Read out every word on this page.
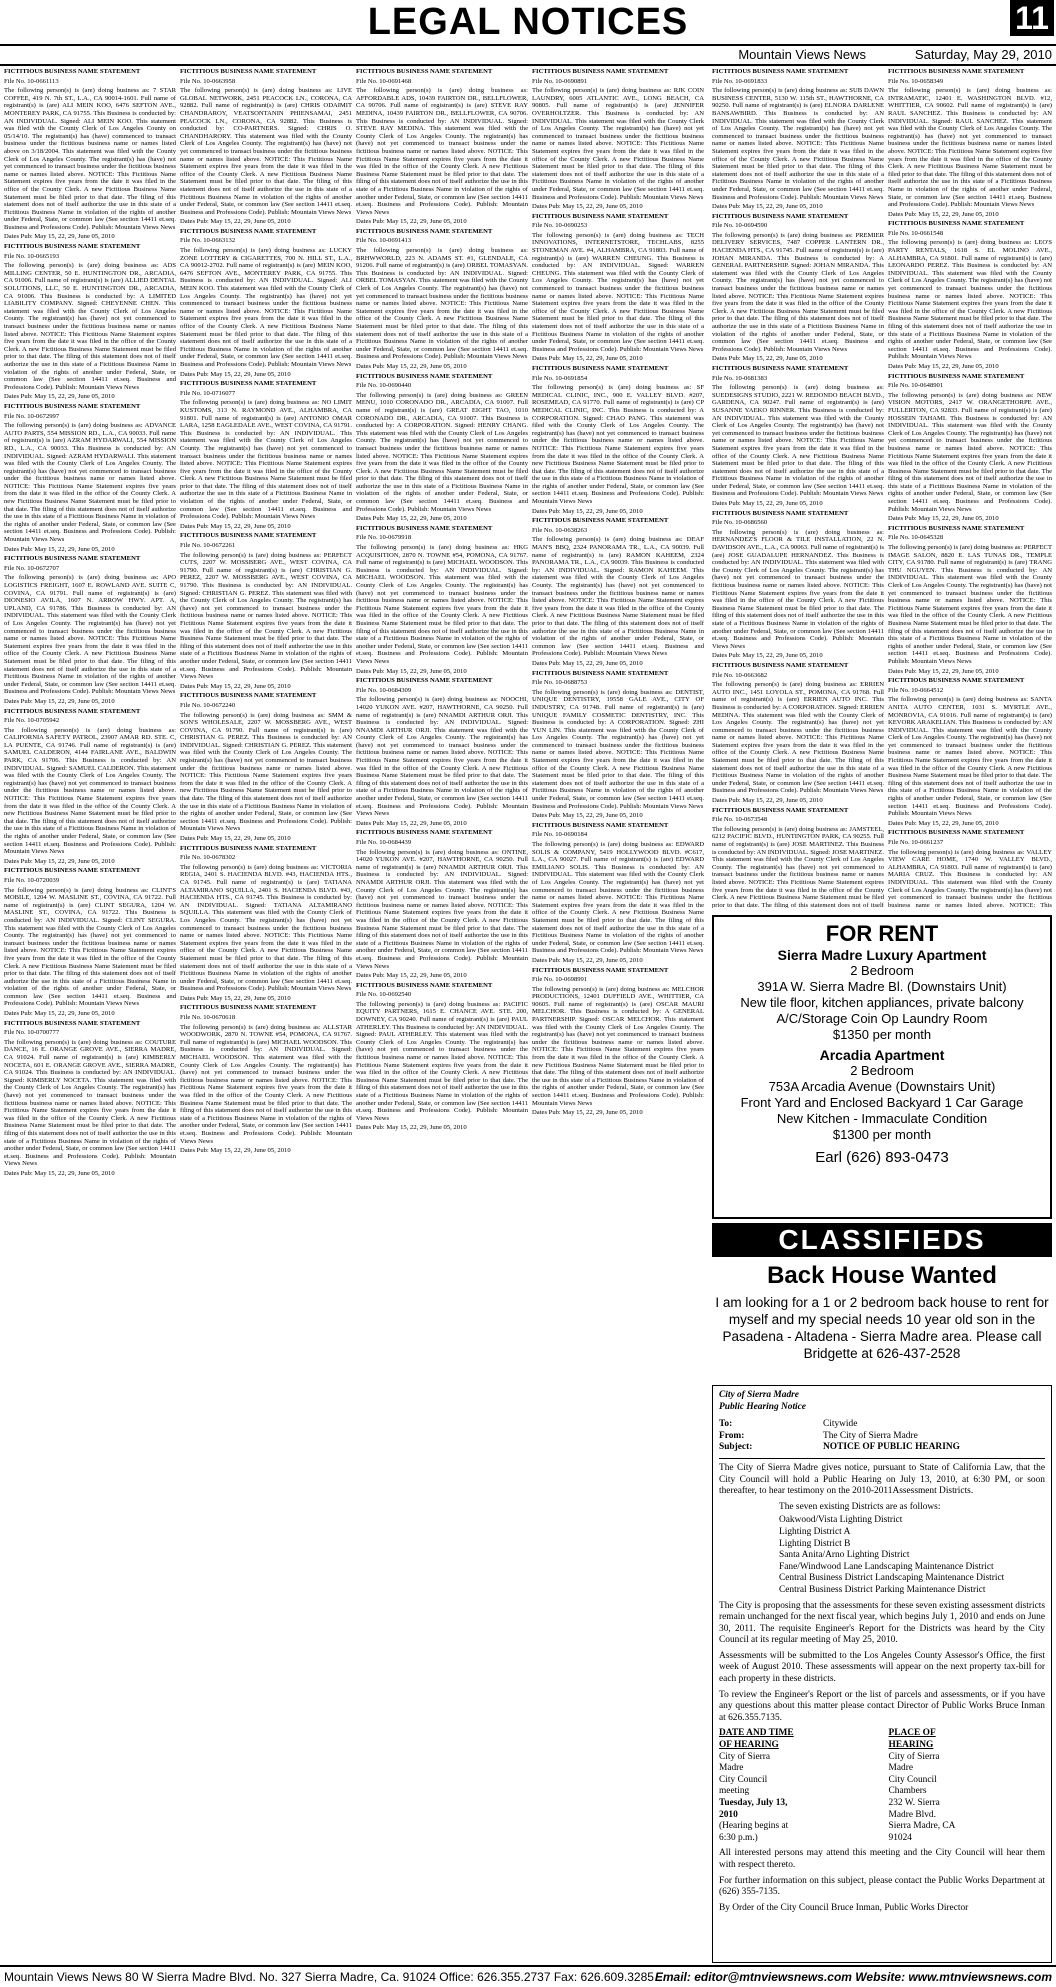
LEGAL NOTICES	11
Mountain Views News	Saturday, May 29, 2010

FICTITIOUS BUSINESS NAME STATEMENT

File No. 10-0661113

The following person(s) is (are) doing business as: 7 STAR COFFEE, 419 N. 7th ST., L.A., CA 90014-1601. Full name of registrant(s) is (are) ALI MEIN KOO, 6476 SEFTON AVE., MONTEREY PARK, CA 91755. This Business is conducted by: AN INDIVIDUAL. Signed: ALI MEIN KOO. This statement was filed with the County Clerk of Los Angeles County on 05/14/10. The registrant(s) has (have) commenced to transact business under the fictitious business name or names listed above on 3/18/2004. This statement was filed with the County Clerk of Los Angeles County. The registrant(s) has (have) not yet commenced to transact business under the fictitious business name or names listed above. NOTICE: This Fictitious Name Statement expires five years from the date it was filed in the office of the County Clerk. A new Fictitious Business Name Statement must be filed prior to that date. The filing of this statement does not of itself authorize the use in this state of a Fictitious Business Name in violation of the rights of another under Federal, State, or common law (See section 14411 et.seq. Business and Professions Code). Publish: Mountain Views News

Dates Pub: May 15, 22, 29, June 05, 2010

FICTITIOUS BUSINESS NAME STATEMENT

File No. 10-0665193

The following person(s) is (are) doing business as: ADS MILLING CENTER, 50 E. HUNTINGTON DR., ARCADIA, CA 91006. Full name of registrant(s) is (are) ALLIED DENTAL SOLUTIONS, LLC, 50 E. HUNTINGTON DR., ARCADIA, CA 91006. This Business is conducted by: A LIMITED LIABILITY COMPANY. Signed: CHEYENNE CHEN. This statement was filed with the County Clerk of Los Angeles County. The registrant(s) has (have) not yet commenced to transact business under the fictitious business name or names listed above. NOTICE: This Fictitious Name Statement expires five years from the date it was filed in the office of the County Clerk. A new Fictitious Business Name Statement must be filed prior to that date. The filing of this statement does not of itself authorize the use in this state of a Fictitious Business Name in violation of the rights of another under Federal, State, or common law (See section 14411 et.seq. Business and Professions Code). Publish: Mountain Views News

Dates Pub: May 15, 22, 29, June 05, 2010

FICTITIOUS BUSINESS NAME STATEMENT

File No. 10-0672997

The following person(s) is (are) doing business as: ADVANCE AUTO PARTS, 554 MISSION RD., L.A., CA 90033. Full name of registrant(s) is (are) AZRAM HYDARWALI, 554 MISSION RD., L.A., CA 90033. This Business is conducted by: AN INDIVIDUAL. Signed: AZRAM HYDARWALI. This statement was filed with the County Clerk of Los Angeles County. The registrant(s) has (have) not yet commenced to transact business under the fictitious business name or names listed above. NOTICE: This Fictitious Name Statement expires five years from the date it was filed in the office of the County Clerk. A new Fictitious Business Name Statement must be filed prior to that date. The filing of this statement does not of itself authorize the use in this state of a Fictitious Business Name in violation of the rights of another under Federal, State, or common law (See section 14411 et.seq. Business and Professions Code). Publish: Mountain Views News

Dates Pub: May 15, 22, 29, June 05, 2010

FICTITIOUS BUSINESS NAME STATEMENT

File No. 10-0672707

The following person(s) is (are) doing business as: APO LOGISTICS FREIGHT, 1607 E. ROWLAND AVE. SUITE C, COVINA, CA 91791. Full name of registrant(s) is (are) DIONESIO AVILA, 1607 N. ARROW HWY. APT. A, UPLAND, CA 91786. This Business is conducted by: AN INDIVIDUAL. This statement was filed with the County Clerk of Los Angeles County. The registrant(s) has (have) not yet commenced to transact business under the fictitious business name or names listed above. NOTICE: This Fictitious Name Statement expires five years from the date it was filed in the office of the County Clerk. A new Fictitious Business Name Statement must be filed prior to that date. The filing of this statement does not of itself authorize the use in this state of a Fictitious Business Name in violation of the rights of another under Federal, State, or common law (See section 14411 et.seq. Business and Professions Code). Publish: Mountain Views News

Dates Pub: May 15, 22, 29, June 05, 2010

FICTITIOUS BUSINESS NAME STATEMENT

File No. 10-0705942

The following person(s) is (are) doing business as: CALIFORNIA SAFETY PATROL, 23907 AMAR RD. STE. C, LA PUENTE, CA 91746. Full name of registrant(s) is (are) SAMUEL CALDERON, 4144 FAIRLANE AVE., BALDWIN PARK, CA 91706. This Business is conducted by: AN INDIVIDUAL. Signed: SAMUEL CALDERON. This statement was filed with the County Clerk of Los Angeles County. The registrant(s) has (have) not yet commenced to transact business under the fictitious business name or names listed above. NOTICE: This Fictitious Name Statement expires five years from the date it was filed in the office of the County Clerk. A new Fictitious Business Name Statement must be filed prior to that date. The filing of this statement does not of itself authorize the use in this state of a Fictitious Business Name in violation of the rights of another under Federal, State, or common law (See section 14411 et.seq. Business and Professions Code). Publish: Mountain Views News

Dates Pub: May 15, 22, 29, June 05, 2010

FICTITIOUS BUSINESS NAME STATEMENT

File No. 10-0720039

The following person(s) is (are) doing business as: CLINT'S MOBILE, 1204 W. MASLINE ST., COVINA, CA 91722. Full name of registrant(s) is (are) CLINT SEGURA, 1204 W. MASLINE ST., COVINA, CA 91722. This Business is conducted by: AN INDIVIDUAL. Signed: CLINT SEGURA. This statement was filed with the County Clerk of Los Angeles County. The registrant(s) has (have) not yet commenced to transact business under the fictitious business name or names listed above. NOTICE: This Fictitious Name Statement expires five years from the date it was filed in the office of the County Clerk. A new Fictitious Business Name Statement must be filed prior to that date. The filing of this statement does not of itself authorize the use in this state of a Fictitious Business Name in violation of the rights of another under Federal, State, or common law (See section 14411 et.seq. Business and Professions Code). Publish: Mountain Views News

Dates Pub: May 15, 22, 29, June 05, 2010

FICTITIOUS BUSINESS NAME STATEMENT

File No. 10-0700777

The following person(s) is (are) doing business as: COUTURE DANCE, 16 E. ORANGE GROVE AVE., SIERRA MADRE, CA 91024. Full name of registrant(s) is (are) KIMBERLY NOCETA, 601 E. ORANGE GROVE AVE., SIERRA MADRE, CA 91024. This Business is conducted by: AN INDIVIDUAL. Signed: KIMBERLY NOCETA. This statement was filed with the County Clerk of Los Angeles County. The registrant(s) has (have) not yet commenced to transact business under the fictitious business name or names listed above. NOTICE: This Fictitious Name Statement expires five years from the date it was filed in the office of the County Clerk. A new Fictitious Business Name Statement must be filed prior to that date. The filing of this statement does not of itself authorize the use in this state of a Fictitious Business Name in violation of the rights of another under Federal, State, or common law (See section 14411 et.seq. Business and Professions Code). Publish: Mountain Views News

Dates Pub: May 15, 22, 29, June 05, 2010

FICTITIOUS BUSINESS NAME STATEMENT

File No. 10-0663958

The following person(s) is (are) doing business as: LIVE GLOBAL NETWORK, 2451 PEACOCK LN., CORONA, CA 92882. Full name of registrant(s) is (are) CHRIS ODAIMIT CHANDRAROY, VEATSONTANIN PHIENSAMAI, 2451 PEACOCK LN., CORONA, CA 92882. This Business is conducted by: CO-PARTNERS. Signed: CHRIS O. CHANDHARORY. This statement was filed with the County Clerk of Los Angeles County. The registrant(s) has (have) not yet commenced to transact business under the fictitious business name or names listed above. NOTICE: This Fictitious Name Statement expires five years from the date it was filed in the office of the County Clerk. A new Fictitious Business Name Statement must be filed prior to that date. The filing of this statement does not of itself authorize the use in this state of a Fictitious Business Name in violation of the rights of another under Federal, State, or common law (See section 14411 et.seq. Business and Professions Code). Publish: Mountain Views News

Dates Pub: May 15, 22, 29, June 05, 2010

FICTITIOUS BUSINESS NAME STATEMENT

File No. 10-0663132

The following person(s) is (are) doing business as: LUCKY ZONE LOTTERY & CIGARETTES, 700 N. HILL ST., L.A., CA 90012-2702. Full name of registrant(s) is (are) MEIN KOO, 6476 SEFTON AVE., MONTEREY PARK, CA 91755. This Business is conducted by: AN INDIVIDUAL. Signed: ALI MEIN KOO. This statement was filed with the County Clerk of Los Angeles County. The registrant(s) has (have) not yet commenced to transact business under the fictitious business name or names listed above. NOTICE: This Fictitious Name Statement expires five years from the date it was filed in the office of the County Clerk. A new Fictitious Business Name Statement must be filed prior to that date. The filing of this statement does not of itself authorize the use in this state of a Fictitious Business Name in violation of the rights of another under Federal, State, or common law (See section 14411 et.seq. Business and Professions Code). Publish: Mountain Views News

Dates Pub: May 15, 22, 29, June 05, 2010

FICTITIOUS BUSINESS NAME STATEMENT

File No. 10-0716077

The following person(s) is (are) doing business as: NO LIMIT KUSTOMS, 313 N. RAYMOND AVE., ALHAMBRA, CA 91801. Full name of registrant(s) is (are) ANTONIO OMAR LARA, 1258 EAGLEDALE AVE., WEST COVINA, CA 91791. This Business is conducted by: AN INDIVIDUAL. This statement was filed with the County Clerk of Los Angeles County. The registrant(s) has (have) not yet commenced to transact business under the fictitious business name or names listed above. NOTICE: This Fictitious Name Statement expires five years from the date it was filed in the office of the County Clerk. A new Fictitious Business Name Statement must be filed prior to that date. The filing of this statement does not of itself authorize the use in this state of a Fictitious Business Name in violation of the rights of another under Federal, State, or common law (See section 14411 et.seq. Business and Professions Code). Publish: Mountain Views News

Dates Pub: May 15, 22, 29, June 05, 2010

FICTITIOUS BUSINESS NAME STATEMENT

File No. 10-0672261

The following person(s) is (are) doing business as: PERFECT CUTS, 2207 W. MOSSBERG AVE., WEST COVINA, CA 91790. Full name of registrant(s) is (are) CHRISTIAN G. PEREZ, 2207 W. MOSSBERG AVE., WEST COVINA, CA 91790. This Business is conducted by: AN INDIVIDUAL. Signed: CHRISTIAN G. PEREZ. This statement was filed with the County Clerk of Los Angeles County. The registrant(s) has (have) not yet commenced to transact business under the fictitious business name or names listed above. NOTICE: This Fictitious Name Statement expires five years from the date it was filed in the office of the County Clerk. A new Fictitious Business Name Statement must be filed prior to that date. The filing of this statement does not of itself authorize the use in this state of a Fictitious Business Name in violation of the rights of another under Federal, State, or common law (See section 14411 et.seq. Business and Professions Code). Publish: Mountain Views News

Dates Pub: May 15, 22, 29, June 05, 2010

FICTITIOUS BUSINESS NAME STATEMENT

File No. 10-0672240

The following person(s) is (are) doing business as: SMM & SON'S WHOLESALE, 2207 W. MOSSBERG AVE., WEST COVINA, CA 91790. Full name of registrant(s) is (are) CHRISTIAN G. PEREZ. This Business is conducted by: AN INDIVIDUAL. Signed: CHRISTIAN G. PEREZ. This statement was filed with the County Clerk of Los Angeles County. The registrant(s) has (have) not yet commenced to transact business under the fictitious business name or names listed above. NOTICE: This Fictitious Name Statement expires five years from the date it was filed in the office of the County Clerk. A new Fictitious Business Name Statement must be filed prior to that date. The filing of this statement does not of itself authorize the use in this state of a Fictitious Business Name in violation of the rights of another under Federal, State, or common law (See section 14411 et.seq. Business and Professions Code). Publish: Mountain Views News

Dates Pub: May 15, 22, 29, June 05, 2010

FICTITIOUS BUSINESS NAME STATEMENT

File No. 10-0678302

The following person(s) is (are) doing business as: VICTORIA REGIA, 2401 S. HACIENDA BLVD. #43, HACIENDA HTS., CA 91745. Full name of registrant(s) is (are) TATIANA ALTAMIRANO SQUILLA, 2401 S. HACIENDA BLVD. #43, HACIENDA HTS., CA 91745. This Business is conducted by: AN INDIVIDUAL. Signed: TATIANA ALTAMIRANO SQUILLA. This statement was filed with the County Clerk of Los Angeles County. The registrant(s) has (have) not yet commenced to transact business under the fictitious business name or names listed above. NOTICE: This Fictitious Name Statement expires five years from the date it was filed in the office of the County Clerk. A new Fictitious Business Name Statement must be filed prior to that date. The filing of this statement does not of itself authorize the use in this state of a Fictitious Business Name in violation of the rights of another under Federal, State, or common law (See section 14411 et.seq. Business and Professions Code). Publish: Mountain Views News

Dates Pub: May 15, 22, 29, June 05, 2010

FICTITIOUS BUSINESS NAME STATEMENT

File No. 10-0670618

The following person(s) is (are) doing business as: ALLSTAR WOODWORK, 2870 N. TOWNE #54, POMONA, CA 91767. Full name of registrant(s) is (are) MICHAEL WOODSON. This Business is conducted by: AN INDIVIDUAL. Signed: MICHAEL WOODSON. This statement was filed with the County Clerk of Los Angeles County. The registrant(s) has (have) not yet commenced to transact business under the fictitious business name or names listed above. NOTICE: This Fictitious Name Statement expires five years from the date it was filed in the office of the County Clerk. A new Fictitious Business Name Statement must be filed prior to that date. The filing of this statement does not of itself authorize the use in this state of a Fictitious Business Name in violation of the rights of another under Federal, State, or common law (See section 14411 et.seq. Business and Professions Code). Publish: Mountain Views News

Dates Pub: May 15, 22, 29, June 05, 2010

FICTITIOUS BUSINESS NAME STATEMENT

File No. 10-0691468

The following person(s) is (are) doing business as: AFFORDABLE ADS, 10439 FAIRTON DR., BELLFLOWER, CA 90706. Full name of registrant(s) is (are) STEVE RAY MEDINA, 10439 FAIRTON DR., BELLFLOWER, CA 90706. This Business is conducted by: AN INDIVIDUAL. Signed: STEVE RAY MEDINA. This statement was filed with the County Clerk of Los Angeles County. The registrant(s) has (have) not yet commenced to transact business under the fictitious business name or names listed above. NOTICE: This Fictitious Name Statement expires five years from the date it was filed in the office of the County Clerk. A new Fictitious Business Name Statement must be filed prior to that date. The filing of this statement does not of itself authorize the use in this state of a Fictitious Business Name in violation of the rights of another under Federal, State, or common law (See section 14411 et.seq. Business and Professions Code). Publish: Mountain Views News

Dates Pub: May 15, 22, 29, June 05, 2010

FICTITIOUS BUSINESS NAME STATEMENT

File No. 10-0691413

The following person(s) is (are) doing business as: BRHWWORLD, 223 N. ADAMS ST. #1, GLENDALE, CA 91206. Full name of registrant(s) is (are) ORBEL TOMASYAN. This Business is conducted by: AN INDIVIDUAL. Signed: ORBEL TOMASYAN. This statement was filed with the County Clerk of Los Angeles County. The registrant(s) has (have) not yet commenced to transact business under the fictitious business name or names listed above. NOTICE: This Fictitious Name Statement expires five years from the date it was filed in the office of the County Clerk. A new Fictitious Business Name Statement must be filed prior to that date. The filing of this statement does not of itself authorize the use in this state of a Fictitious Business Name in violation of the rights of another under Federal, State, or common law (See section 14411 et.seq. Business and Professions Code). Publish: Mountain Views News

Dates Pub: May 15, 22, 29, June 05, 2010

FICTITIOUS BUSINESS NAME STATEMENT

File No. 10-0690440

The following person(s) is (are) doing business as: GREEN MENU, 1010 CORONADO DR., ARCADIA, CA 91007. Full name of registrant(s) is (are) GREAT EIGHT TAO, 1010 CORONADO DR., ARCADIA, CA 91007. This Business is conducted by: A CORPORATION. Signed: HENRY CHANG. This statement was filed with the County Clerk of Los Angeles County. The registrant(s) has (have) not yet commenced to transact business under the fictitious business name or names listed above. NOTICE: This Fictitious Name Statement expires five years from the date it was filed in the office of the County Clerk. A new Fictitious Business Name Statement must be filed prior to that date. The filing of this statement does not of itself authorize the use in this state of a Fictitious Business Name in violation of the rights of another under Federal, State, or common law (See section 14411 et.seq. Business and Professions Code). Publish: Mountain Views News

Dates Pub: May 15, 22, 29, June 05, 2010

FICTITIOUS BUSINESS NAME STATEMENT

File No. 10-0679918

The following person(s) is (are) doing business as: HKG ACQUISITION, 2870 N. TOWNE #54, POMONA, CA 91767. Full name of registrant(s) is (are) MICHAEL WOODSON. This Business is conducted by: AN INDIVIDUAL. Signed: MICHAEL WOODSON. This statement was filed with the County Clerk of Los Angeles County. The registrant(s) has (have) not yet commenced to transact business under the fictitious business name or names listed above. NOTICE: This Fictitious Name Statement expires five years from the date it was filed in the office of the County Clerk. A new Fictitious Business Name Statement must be filed prior to that date. The filing of this statement does not of itself authorize the use in this state of a Fictitious Business Name in violation of the rights of another under Federal, State, or common law (See section 14411 et.seq. Business and Professions Code). Publish: Mountain Views News

Dates Pub: May 15, 22, 29, June 05, 2010

FICTITIOUS BUSINESS NAME STATEMENT

File No. 10-0684309

The following person(s) is (are) doing business as: NOOCHI, 14020 YUKON AVE. #207, HAWTHORNE, CA 90250. Full name of registrant(s) is (are) NNAMDI ARTHUR ORJI. This Business is conducted by: AN INDIVIDUAL. Signed: NNAMDI ARTHUR ORJI. This statement was filed with the County Clerk of Los Angeles County. The registrant(s) has (have) not yet commenced to transact business under the fictitious business name or names listed above. NOTICE: This Fictitious Name Statement expires five years from the date it was filed in the office of the County Clerk. A new Fictitious Business Name Statement must be filed prior to that date. The filing of this statement does not of itself authorize the use in this state of a Fictitious Business Name in violation of the rights of another under Federal, State, or common law (See section 14411 et.seq. Business and Professions Code). Publish: Mountain Views News

Dates Pub: May 15, 22, 29, June 05, 2010

FICTITIOUS BUSINESS NAME STATEMENT

File No. 10-0684439

The following person(s) is (are) doing business as: ONTINE, 14020 YUKON AVE. #207, HAWTHORNE, CA 90250. Full name of registrant(s) is (are) NNAMDI ARTHUR ORJI. This Business is conducted by: AN INDIVIDUAL. Signed: NNAMDI ARTHUR ORJI. This statement was filed with the County Clerk of Los Angeles County. The registrant(s) has (have) not yet commenced to transact business under the fictitious business name or names listed above. NOTICE: This Fictitious Name Statement expires five years from the date it was filed in the office of the County Clerk. A new Fictitious Business Name Statement must be filed prior to that date. The filing of this statement does not of itself authorize the use in this state of a Fictitious Business Name in violation of the rights of another under Federal, State, or common law (See section 14411 et.seq. Business and Professions Code). Publish: Mountain Views News

Dates Pub: May 15, 22, 29, June 05, 2010

FICTITIOUS BUSINESS NAME STATEMENT

File No. 10-0692540

The following person(s) is (are) doing business as: PACIFIC EQUITY PARTNERS, 1615 E. CHANCE AVE. STE. 200, DOWNEY, CA 90240. Full name of registrant(s) is (are) PAUL ATHERLEY. This Business is conducted by: AN INDIVIDUAL. Signed: PAUL ATHERLEY. This statement was filed with the County Clerk of Los Angeles County. The registrant(s) has (have) not yet commenced to transact business under the fictitious business name or names listed above. NOTICE: This Fictitious Name Statement expires five years from the date it was filed in the office of the County Clerk. A new Fictitious Business Name Statement must be filed prior to that date. The filing of this statement does not of itself authorize the use in this state of a Fictitious Business Name in violation of the rights of another under Federal, State, or common law (See section 14411 et.seq. Business and Professions Code). Publish: Mountain Views News

Dates Pub: May 15, 22, 29, June 05, 2010

FICTITIOUS BUSINESS NAME STATEMENT

File No. 10-0690891

The following person(s) is (are) doing business as: RJK COIN LAUNDRY, 6005 ATLANTIC AVE., LONG BEACH, CA 90805. Full name of registrant(s) is (are) JENNIFER OVERHOLTZER. This Business is conducted by: AN INDIVIDUAL. This statement was filed with the County Clerk of Los Angeles County. The registrant(s) has (have) not yet commenced to transact business under the fictitious business name or names listed above. NOTICE: This Fictitious Name Statement expires five years from the date it was filed in the office of the County Clerk. A new Fictitious Business Name Statement must be filed prior to that date. The filing of this statement does not of itself authorize the use in this state of a Fictitious Business Name in violation of the rights of another under Federal, State, or common law (See section 14411 et.seq. Business and Professions Code). Publish: Mountain Views News

Dates Pub: May 15, 22, 29, June 05, 2010

FICTITIOUS BUSINESS NAME STATEMENT

File No. 10-0690253

The following person(s) is (are) doing business as: TECH INNOVATIONS, INTERNETSTORE, TECHLABS, 8255 STONEMAN AVE. #4, ALHAMBRA, CA 91803. Full name of registrant(s) is (are) WARREN CHEUNG. This Business is conducted by: AN INDIVIDUAL. Signed: WARREN CHEUNG. This statement was filed with the County Clerk of Los Angeles County. The registrant(s) has (have) not yet commenced to transact business under the fictitious business name or names listed above. NOTICE: This Fictitious Name Statement expires five years from the date it was filed in the office of the County Clerk. A new Fictitious Business Name Statement must be filed prior to that date. The filing of this statement does not of itself authorize the use in this state of a Fictitious Business Name in violation of the rights of another under Federal, State, or common law (See section 14411 et.seq. Business and Professions Code). Publish: Mountain Views News

Dates Pub: May 15, 22, 29, June 05, 2010

FICTITIOUS BUSINESS NAME STATEMENT

File No. 10-0691854

The following person(s) is (are) doing business as: SF MEDICAL CLINIC, INC., 900 E. VALLEY BLVD. #207, ROSEMEAD, CA 91770. Full name of registrant(s) is (are) CP MEDICAL CLINIC, INC. This Business is conducted by: A CORPORATION. Signed: CHAO PANG. This statement was filed with the County Clerk of Los Angeles County. The registrant(s) has (have) not yet commenced to transact business under the fictitious business name or names listed above. NOTICE: This Fictitious Name Statement expires five years from the date it was filed in the office of the County Clerk. A new Fictitious Business Name Statement must be filed prior to that date. The filing of this statement does not of itself authorize the use in this state of a Fictitious Business Name in violation of the rights of another under Federal, State, or common law (See section 14411 et.seq. Business and Professions Code). Publish: Mountain Views News

Dates Pub: May 15, 22, 29, June 05, 2010

FICTITIOUS BUSINESS NAME STATEMENT

File No. 10-0638263

The following person(s) is (are) doing business as: DEAF MAN'S BBQ, 2324 PANORAMA TR., L.A., CA 90039. Full name of registrant(s) is (are) RAMON KAHEEM, 2324 PANORAMA TR., L.A., CA 90039. This Business is conducted by: AN INDIVIDUAL. Signed: RAMON KAHEEM. This statement was filed with the County Clerk of Los Angeles County. The registrant(s) has (have) not yet commenced to transact business under the fictitious business name or names listed above. NOTICE: This Fictitious Name Statement expires five years from the date it was filed in the office of the County Clerk. A new Fictitious Business Name Statement must be filed prior to that date. The filing of this statement does not of itself authorize the use in this state of a Fictitious Business Name in violation of the rights of another under Federal, State, or common law (See section 14411 et.seq. Business and Professions Code). Publish: Mountain Views News

Dates Pub: May 15, 22, 29, June 05, 2010

FICTITIOUS BUSINESS NAME STATEMENT

File No. 10-0688753

The following person(s) is (are) doing business as: DENTIST, UNIQUE DENTISTRY, 19558 GALE AVE., CITY OF INDUSTRY, CA 91748. Full name of registrant(s) is (are) UNIQUE FAMILY COSMETIC DENTISTRY, INC. This Business is conducted by: A CORPORATION. Signed: ZHI YUN LIN. This statement was filed with the County Clerk of Los Angeles County. The registrant(s) has (have) not yet commenced to transact business under the fictitious business name or names listed above. NOTICE: This Fictitious Name Statement expires five years from the date it was filed in the office of the County Clerk. A new Fictitious Business Name Statement must be filed prior to that date. The filing of this statement does not of itself authorize the use in this state of a Fictitious Business Name in violation of the rights of another under Federal, State, or common law (See section 14411 et.seq. Business and Professions Code). Publish: Mountain Views News

Dates Pub: May 15, 22, 29, June 05, 2010

FICTITIOUS BUSINESS NAME STATEMENT

File No. 10-0690184

The following person(s) is (are) doing business as: EDWARD SOLIS & COMPANY, 5419 HOLLYWOOD BLVD. #C617, L.A., CA 90027. Full name of registrant(s) is (are) EDWARD EMILIANO SOLIS. This Business is conducted by: AN INDIVIDUAL. This statement was filed with the County Clerk of Los Angeles County. The registrant(s) has (have) not yet commenced to transact business under the fictitious business name or names listed above. NOTICE: This Fictitious Name Statement expires five years from the date it was filed in the office of the County Clerk. A new Fictitious Business Name Statement must be filed prior to that date. The filing of this statement does not of itself authorize the use in this state of a Fictitious Business Name in violation of the rights of another under Federal, State, or common law (See section 14411 et.seq. Business and Professions Code). Publish: Mountain Views News

Dates Pub: May 15, 22, 29, June 05, 2010

FICTITIOUS BUSINESS NAME STATEMENT

File No. 10-0698991

The following person(s) is (are) doing business as: MELCHOR PRODUCTIONS, 12401 DUFFIELD AVE., WHITTIER, CA 90605. Full name of registrant(s) is (are) OSCAR MAURI MELCHOR. This Business is conducted by: A GENERAL PARTNERSHIP. Signed: OSCAR MELCHOR. This statement was filed with the County Clerk of Los Angeles County. The registrant(s) has (have) not yet commenced to transact business under the fictitious business name or names listed above. NOTICE: This Fictitious Name Statement expires five years from the date it was filed in the office of the County Clerk. A new Fictitious Business Name Statement must be filed prior to that date. The filing of this statement does not of itself authorize the use in this state of a Fictitious Business Name in violation of the rights of another under Federal, State, or common law (See section 14411 et.seq. Business and Professions Code). Publish: Mountain Views News

Dates Pub: May 15, 22, 29, June 05, 2010

FICTITIOUS BUSINESS NAME STATEMENT

File No. 10-0691833

The following person(s) is (are) doing business as: SUB DAWN BUSINESS CENTER, 5130 W. 115th ST., HAWTHORNE, CA 90250. Full name of registrant(s) is (are) ELNORA DARLENE BANSAWBIRD. This Business is conducted by: AN INDIVIDUAL. This statement was filed with the County Clerk of Los Angeles County. The registrant(s) has (have) not yet commenced to transact business under the fictitious business name or names listed above. NOTICE: This Fictitious Name Statement expires five years from the date it was filed in the office of the County Clerk. A new Fictitious Business Name Statement must be filed prior to that date. The filing of this statement does not of itself authorize the use in this state of a Fictitious Business Name in violation of the rights of another under Federal, State, or common law (See section 14411 et.seq. Business and Professions Code). Publish: Mountain Views News

Dates Pub: May 15, 22, 29, June 05, 2010

FICTITIOUS BUSINESS NAME STATEMENT

File No. 10-0694590

The following person(s) is (are) doing business as: PREMIER DELIVERY SERVICES, 7487 COPPER LANTERN DR., HACIENDA HTS., CA 91745. Full name of registrant(s) is (are) JOHAN MIRANDA. This Business is conducted by: A GENERAL PARTNERSHIP. Signed: JOHAN MIRANDA. This statement was filed with the County Clerk of Los Angeles County. The registrant(s) has (have) not yet commenced to transact business under the fictitious business name or names listed above. NOTICE: This Fictitious Name Statement expires five years from the date it was filed in the office of the County Clerk. A new Fictitious Business Name Statement must be filed prior to that date. The filing of this statement does not of itself authorize the use in this state of a Fictitious Business Name in violation of the rights of another under Federal, State, or common law (See section 14411 et.seq. Business and Professions Code). Publish: Mountain Views News

Dates Pub: May 15, 22, 29, June 05, 2010

FICTITIOUS BUSINESS NAME STATEMENT

File No. 10-0681383

The following person(s) is (are) doing business as: SUEDESIGNS STUDIO, 2221 W. REDONDO BEACH BLVD., GARDENA, CA 90247. Full name of registrant(s) is (are) SUSANNE YAEKO RINNER. This Business is conducted by: AN INDIVIDUAL. This statement was filed with the County Clerk of Los Angeles County. The registrant(s) has (have) not yet commenced to transact business under the fictitious business name or names listed above. NOTICE: This Fictitious Name Statement expires five years from the date it was filed in the office of the County Clerk. A new Fictitious Business Name Statement must be filed prior to that date. The filing of this statement does not of itself authorize the use in this state of a Fictitious Business Name in violation of the rights of another under Federal, State, or common law (See section 14411 et.seq. Business and Professions Code). Publish: Mountain Views News

Dates Pub: May 15, 22, 29, June 05, 2010

FICTITIOUS BUSINESS NAME STATEMENT

File No. 10-0686560

The following person(s) is (are) doing business as: HERNANDEZ'S FLOOR & TILE INSTALLATION, 22 N. DAVIDSON AVE., L.A., CA 90063. Full name of registrant(s) is (are) JOSE GUADALUPE HERNANDEZ. This Business is conducted by: AN INDIVIDUAL. This statement was filed with the County Clerk of Los Angeles County. The registrant(s) has (have) not yet commenced to transact business under the fictitious business name or names listed above. NOTICE: This Fictitious Name Statement expires five years from the date it was filed in the office of the County Clerk. A new Fictitious Business Name Statement must be filed prior to that date. The filing of this statement does not of itself authorize the use in this state of a Fictitious Business Name in violation of the rights of another under Federal, State, or common law (See section 14411 et.seq. Business and Professions Code). Publish: Mountain Views News

Dates Pub: May 15, 22, 29, June 05, 2010

FICTITIOUS BUSINESS NAME STATEMENT

File No. 10-0663682

The following person(s) is (are) doing business as: ERRIEN AUTO INC., 1451 LOYOLA ST., POMONA, CA 91768. Full name of registrant(s) is (are) ERRIEN AUTO INC. This Business is conducted by: A CORPORATION. Signed: ERRIEN MEDINA. This statement was filed with the County Clerk of Los Angeles County. The registrant(s) has (have) not yet commenced to transact business under the fictitious business name or names listed above. NOTICE: This Fictitious Name Statement expires five years from the date it was filed in the office of the County Clerk. A new Fictitious Business Name Statement must be filed prior to that date. The filing of this statement does not of itself authorize the use in this state of a Fictitious Business Name in violation of the rights of another under Federal, State, or common law (See section 14411 et.seq. Business and Professions Code). Publish: Mountain Views News

Dates Pub: May 15, 22, 29, June 05, 2010

FICTITIOUS BUSINESS NAME STATEMENT

File No. 10-0673548

The following person(s) is (are) doing business as: JAMSTEEL, 6212 PACIFIC BLVD., HUNTINGTON PARK, CA 90255. Full name of registrant(s) is (are) JOSE MARTINEZ. This Business is conducted by: AN INDIVIDUAL. Signed: JOSE MARTINEZ. This statement was filed with the County Clerk of Los Angeles County. The registrant(s) has (have) not yet commenced to transact business under the fictitious business name or names listed above. NOTICE: This Fictitious Name Statement expires five years from the date it was filed in the office of the County Clerk. A new Fictitious Business Name Statement must be filed prior to that date. The filing of this statement does not of itself

FICTITIOUS BUSINESS NAME STATEMENT

File No. 10-0658349

The following person(s) is (are) doing business as: INTRAMATIC, 12401 E. WASHINGTON BLVD. #12, WHITTIER, CA 90602. Full name of registrant(s) is (are) RAUL SANCHEZ. This Business is conducted by: AN INDIVIDUAL. Signed: RAUL SANCHEZ. This statement was filed with the County Clerk of Los Angeles County. The registrant(s) has (have) not yet commenced to transact business under the fictitious business name or names listed above. NOTICE: This Fictitious Name Statement expires five years from the date it was filed in the office of the County Clerk. A new Fictitious Business Name Statement must be filed prior to that date. The filing of this statement does not of itself authorize the use in this state of a Fictitious Business Name in violation of the rights of another under Federal, State, or common law (See section 14411 et.seq. Business and Professions Code). Publish: Mountain Views News

Dates Pub: May 15, 22, 29, June 05, 2010

FICTITIOUS BUSINESS NAME STATEMENT

File No. 10-0661548

The following person(s) is (are) doing business as: LEO'S PARTY RENTALS, 1618 S. EL MOLINO AVE., ALHAMBRA, CA 91801. Full name of registrant(s) is (are) LEONARDO PEREZ. This Business is conducted by: AN INDIVIDUAL. This statement was filed with the County Clerk of Los Angeles County. The registrant(s) has (have) not yet commenced to transact business under the fictitious business name or names listed above. NOTICE: This Fictitious Name Statement expires five years from the date it was filed in the office of the County Clerk. A new Fictitious Business Name Statement must be filed prior to that date. The filing of this statement does not of itself authorize the use in this state of a Fictitious Business Name in violation of the rights of another under Federal, State, or common law (See section 14411 et.seq. Business and Professions Code). Publish: Mountain Views News

Dates Pub: May 15, 22, 29, June 05, 2010

FICTITIOUS BUSINESS NAME STATEMENT

File No. 10-0648901

The following person(s) is (are) doing business as: NEW VISION MOTORS, 2417 W. ORANGETHORPE AVE., FULLERTON, CA 92833. Full name of registrant(s) is (are) HOSSEIN TAHAMI. This Business is conducted by: AN INDIVIDUAL. This statement was filed with the County Clerk of Los Angeles County. The registrant(s) has (have) not yet commenced to transact business under the fictitious business name or names listed above. NOTICE: This Fictitious Name Statement expires five years from the date it was filed in the office of the County Clerk. A new Fictitious Business Name Statement must be filed prior to that date. The filing of this statement does not of itself authorize the use in this state of a Fictitious Business Name in violation of the rights of another under Federal, State, or common law (See section 14411 et.seq. Business and Professions Code). Publish: Mountain Views News

Dates Pub: May 15, 22, 29, June 05, 2010

FICTITIOUS BUSINESS NAME STATEMENT

File No. 10-0645328

The following person(s) is (are) doing business as: PERFECT IMAGE SALON, 8820 E. LAS TUNAS DR., TEMPLE CITY, CA 91780. Full name of registrant(s) is (are) TRANG THU NGUYEN. This Business is conducted by: AN INDIVIDUAL. This statement was filed with the County Clerk of Los Angeles County. The registrant(s) has (have) not yet commenced to transact business under the fictitious business name or names listed above. NOTICE: This Fictitious Name Statement expires five years from the date it was filed in the office of the County Clerk. A new Fictitious Business Name Statement must be filed prior to that date. The filing of this statement does not of itself authorize the use in this state of a Fictitious Business Name in violation of the rights of another under Federal, State, or common law (See section 14411 et.seq. Business and Professions Code). Publish: Mountain Views News

Dates Pub: May 15, 22, 29, June 05, 2010

FICTITIOUS BUSINESS NAME STATEMENT

File No. 10-0664512

The following person(s) is (are) doing business as: SANTA ANITA AUTO CENTER, 1031 S. MYRTLE AVE., MONROVIA, CA 91016. Full name of registrant(s) is (are) KEVORK ARAKELIAN. This Business is conducted by: AN INDIVIDUAL. This statement was filed with the County Clerk of Los Angeles County. The registrant(s) has (have) not yet commenced to transact business under the fictitious business name or names listed above. NOTICE: This Fictitious Name Statement expires five years from the date it was filed in the office of the County Clerk. A new Fictitious Business Name Statement must be filed prior to that date. The filing of this statement does not of itself authorize the use in this state of a Fictitious Business Name in violation of the rights of another under Federal, State, or common law (See section 14411 et.seq. Business and Professions Code). Publish: Mountain Views News

Dates Pub: May 15, 22, 29, June 05, 2010

FICTITIOUS BUSINESS NAME STATEMENT

File No. 10-0661237

The following person(s) is (are) doing business as: VALLEY VIEW CARE HOME, 1740 W. VALLEY BLVD., ALHAMBRA, CA 91803. Full name of registrant(s) is (are) MARIA CRUZ. This Business is conducted by: AN INDIVIDUAL. This statement was filed with the County Clerk of Los Angeles County. The registrant(s) has (have) not yet commenced to transact business under the fictitious business name or names listed above. NOTICE: This

FOR RENT
Sierra Madre Luxury Apartment
2 Bedroom
391A W. Sierra Madre Bl. (Downstairs Unit)
New tile floor, kitchen appliances, private balcony
A/C/Storage Coin Op Laundry Room
$1350 per month
Arcadia Apartment
2 Bedroom
753A Arcadia Avenue (Downstairs Unit)
Front Yard and Enclosed Backyard 1 Car Garage
New Kitchen - Immaculate Condition
$1300 per month
Earl (626) 893-0473
CLASSIFIEDS
Back House Wanted
I am looking for a 1 or 2 bedroom back house to rent for myself and my special needs 10 year old son in the Pasadena - Altadena - Sierra Madre area. Please call Bridgette at 626-437-2528
City of Sierra Madre
Public Hearing Notice
To:	Citywide
From:	The City of Sierra Madre
Subject:	NOTICE OF PUBLIC HEARING

The City of Sierra Madre gives notice, pursuant to State of California Law, that the City Council will hold a Public Hearing on July 13, 2010, at 6:30 PM, or soon thereafter, to hear testimony on the 2010-2011Assessment Districts.

The seven existing Districts are as follows:
Oakwood/Vista Lighting District
Lighting District A
Lighting District B
Santa Anita/Arno Lighting District
Fane/Windwood Lane Landscaping Maintenance District
Central Business District Landscaping Maintenance District
Central Business District Parking Maintenance District

The City is proposing that the assessments for these seven existing assessment districts remain unchanged for the next fiscal year, which begins July 1, 2010 and ends on June 30, 2011. The requisite Engineer's Report for the Districts was heard by the City Council at its regular meeting of May 25, 2010.

Assessments will be submitted to the Los Angeles County Assessor's Office, the first week of August 2010. These assessments will appear on the next property tax-bill for each property in these districts.

To review the Engineer's Report or the list of parcels and assessments, or if you have any questions about this matter please contact Director of Public Works Bruce Inman at 626.355.7135.

DATE AND TIME OF HEARING
City of Sierra Madre
City Council meeting
Tuesday, July 13, 2010
(Hearing begins at 6:30 p.m.)
PLACE OF HEARING
City of Sierra Madre
City Council Chambers
232 W. Sierra Madre Blvd.
Sierra Madre, CA 91024

All interested persons may attend this meeting and the City Council will hear them with respect thereto.

For further information on this subject, please contact the Public Works Department at (626) 355-7135.

By Order of the City Council Bruce Inman, Public Works Director

Mountain Views News 80 W Sierra Madre Blvd. No. 327 Sierra Madre, Ca. 91024 Office: 626.355.2737 Fax: 626.609.3285 Email: editor@mtnviewsnews.com Website: www.mtnviewsnews.com
